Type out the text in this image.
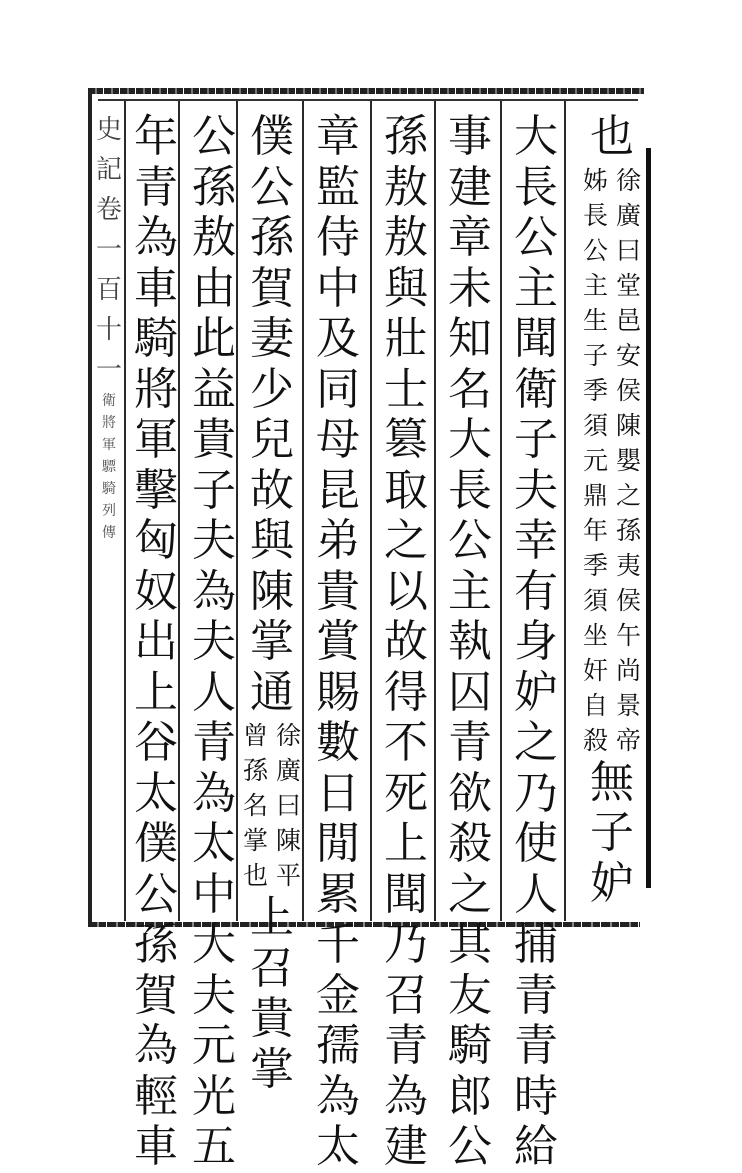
史
記
卷
一
百
十
一
衛
將
軍
驃
騎
列
傳
也
徐
廣
曰
堂
邑
安
侯
陳
嬰
之
孫
夷
侯
午
尚
景
帝
姊
長
公
主
生
子
季
須
元
鼎
年
季
須
坐
奸
自
殺
無
子
妒
大
長
公
主
聞
衛
子
夫
幸
有
身
妒
之
乃
使
人
捕
青
青
時
給
事
建
章
未
知
名
大
長
公
主
執
囚
青
欲
殺
之
其
友
騎
郎
公
孫
敖
敖
與
壯
士
篡
取
之
以
故
得
不
死
上
聞
乃
召
青
為
建
章
監
侍
中
及
同
母
昆
弟
貴
賞
賜
數
日
閒
累
千
金
孺
為
太
僕
公
孫
賀
妻
少
兒
故
與
陳
掌
通
徐
廣
曰
陳
平
曾
孫
名
掌
也
上
召
貴
掌
公
孫
敖
由
此
益
貴
子
夫
為
夫
人
青
為
太
中
大
夫
元
光
五
年
青
為
車
騎
將
軍
擊
匈
奴
出
上
谷
太
僕
公
孫
賀
為
輕
車
